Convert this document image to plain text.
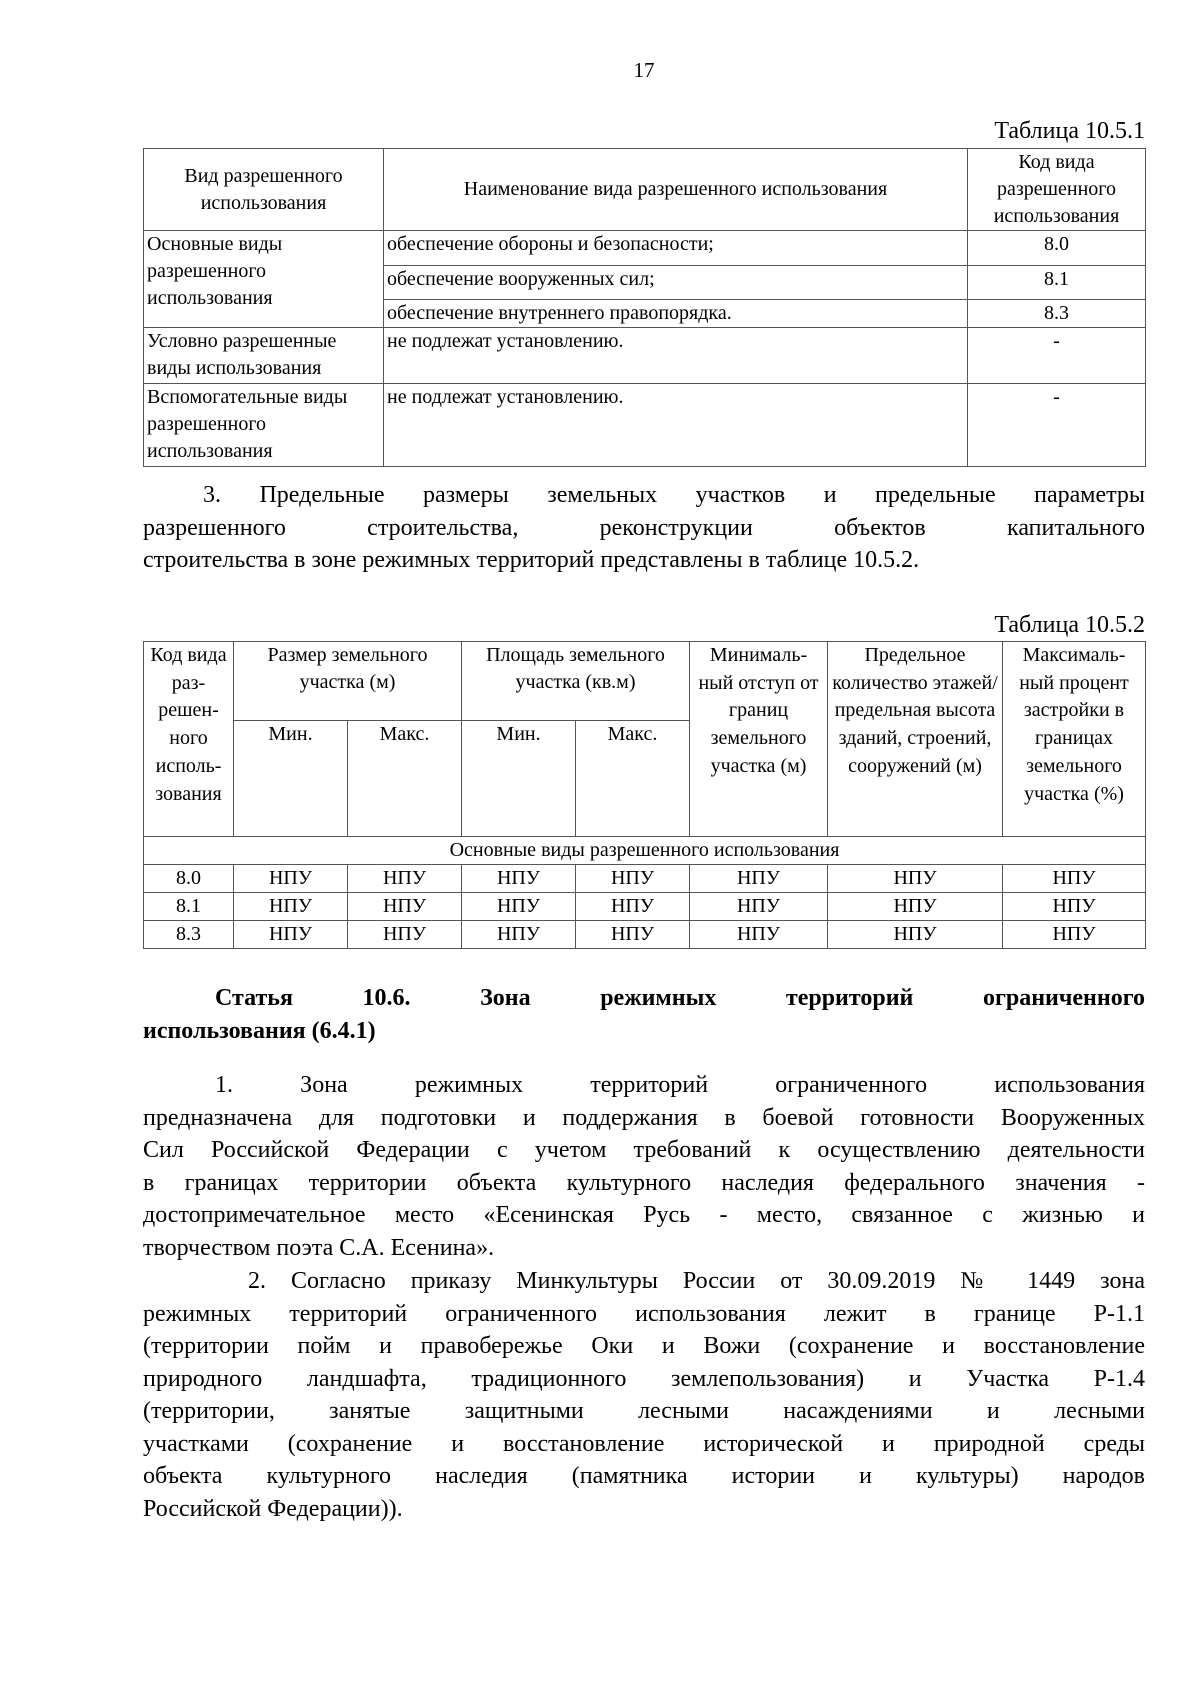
17
Таблица 10.5.1
Вид разрешенного использования	Наименование вида разрешенного использования	Код вида разрешенного использования
Основные виды разрешенного использования	обеспечение обороны и безопасности;	8.0
	обеспечение вооруженных сил;	8.1
	обеспечение внутреннего правопорядка.	8.3
Условно разрешенные виды использования	не подлежат установлению.	-
Вспомогательные виды разрешенного использования	не подлежат установлению.	-
3. Предельные размеры земельных участков и предельные параметры
разрешенного строительства, реконструкции объектов капитального
строительства в зоне режимных территорий представлены в таблице 10.5.2.
Таблица 10.5.2
Код вида раз-решен-ного исполь-зования	Размер земельного участка (м)		Площадь земельного участка (кв.м)		Минималь-ный отступ от границ земельного участка (м)	Предельное количество этажей/ предельная высота зданий, строений, сооружений (м)	Максималь-ный процент застройки в границах земельного участка (%)
	Мин.	Макс.	Мин.	Макс.			
Основные виды разрешенного использования							
8.0	НПУ	НПУ	НПУ	НПУ	НПУ	НПУ	НПУ
8.1	НПУ	НПУ	НПУ	НПУ	НПУ	НПУ	НПУ
8.3	НПУ	НПУ	НПУ	НПУ	НПУ	НПУ	НПУ
Статья 10.6. Зона режимных территорий ограниченного
использования (6.4.1)
1. Зона режимных территорий ограниченного использования
предназначена для подготовки и поддержания в боевой готовности Вооруженных
Сил Российской Федерации с учетом требований к осуществлению деятельности
в границах территории объекта культурного наследия федерального значения -
достопримечательное место «Есенинская Русь - место, связанное с жизнью и
творчеством поэта С.А. Есенина».
2. Согласно приказу Минкультуры России от 30.09.2019 № 1449 зона
режимных территорий ограниченного использования лежит в границе Р-1.1
(территории пойм и правобережье Оки и Вожи (сохранение и восстановление
природного ландшафта, традиционного землепользования) и Участка Р-1.4
(территории, занятые защитными лесными насаждениями и лесными
участками (сохранение и восстановление исторической и природной среды
объекта культурного наследия (памятника истории и культуры) народов
Российской Федерации)).
